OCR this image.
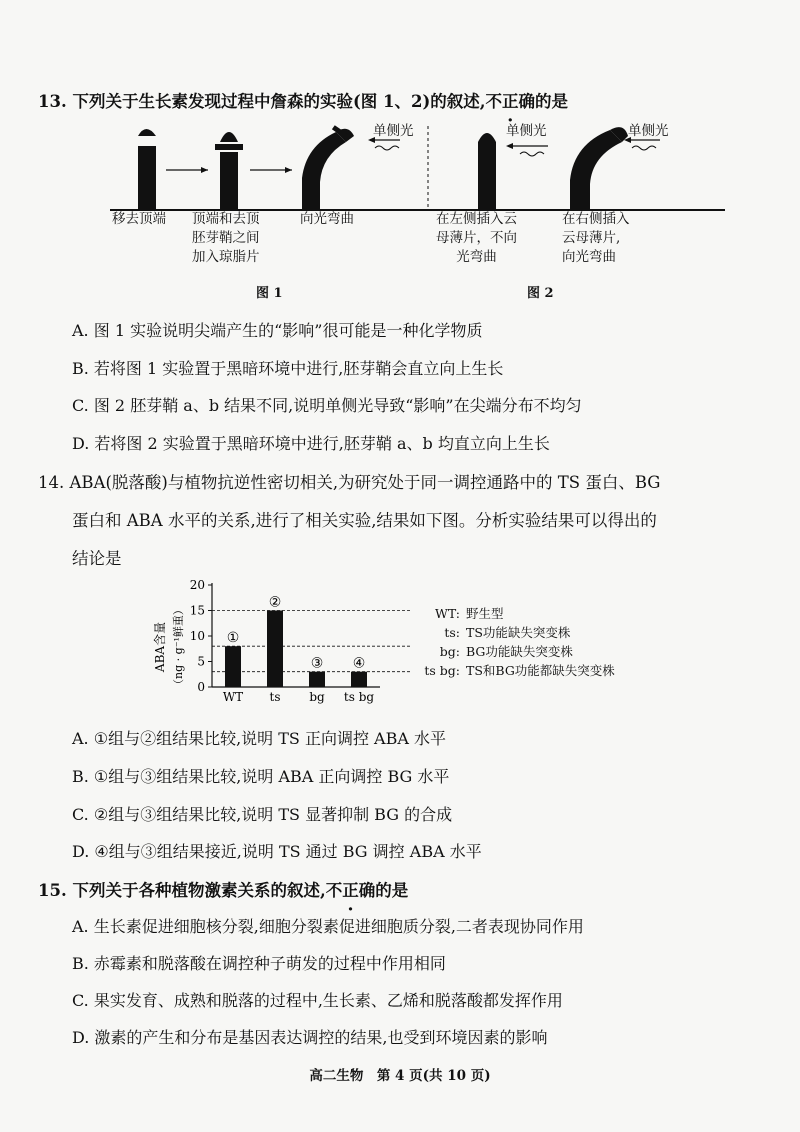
13. 下列关于生长素发现过程中詹森的实验(图 1、2)的叙述,不正确的是
单侧光	单侧光	单侧光
移去顶端 顶端和去顶
胚芽鞘之间
加入琼脂片
向光弯曲	在左侧插入云
母薄片，不向
光弯曲
在右侧插入
云母薄片,
向光弯曲
图 1	图 2
A. 图 1 实验说明尖端产生的“影响”很可能是一种化学物质
B. 若将图 1 实验置于黑暗环境中进行,胚芽鞘会直立向上生长
C. 图 2 胚芽鞘 a、b 结果不同,说明单侧光导致“影响”在尖端分布不均匀
D. 若将图 2 实验置于黑暗环境中进行,胚芽鞘 a、b 均直立向上生长
14. ABA(脱落酸)与植物抗逆性密切相关,为研究处于同一调控通路中的 TS 蛋白、BG
蛋白和 ABA 水平的关系,进行了相关实验,结果如下图。分析实验结果可以得出的
结论是
ABA含量 （ng · g⁻¹鲜重） 0
5
10
15
20
①
WT
②
ts
③
bg
④
ts bg
WT: 野生型
ts: TS功能缺失突变株
bg: BG功能缺失突变株
ts bg: TS和BG功能都缺失突变株
A. ①组与②组结果比较,说明 TS 正向调控 ABA 水平
B. ①组与③组结果比较,说明 ABA 正向调控 BG 水平
C. ②组与③组结果比较,说明 TS 显著抑制 BG 的合成
D. ④组与③组结果接近,说明 TS 通过 BG 调控 ABA 水平
15. 下列关于各种植物激素关系的叙述,不正确的是
A. 生长素促进细胞核分裂,细胞分裂素促进细胞质分裂,二者表现协同作用
B. 赤霉素和脱落酸在调控种子萌发的过程中作用相同
C. 果实发育、成熟和脱落的过程中,生长素、乙烯和脱落酸都发挥作用
D. 激素的产生和分布是基因表达调控的结果,也受到环境因素的影响
高二生物　第 4 页(共 10 页)
